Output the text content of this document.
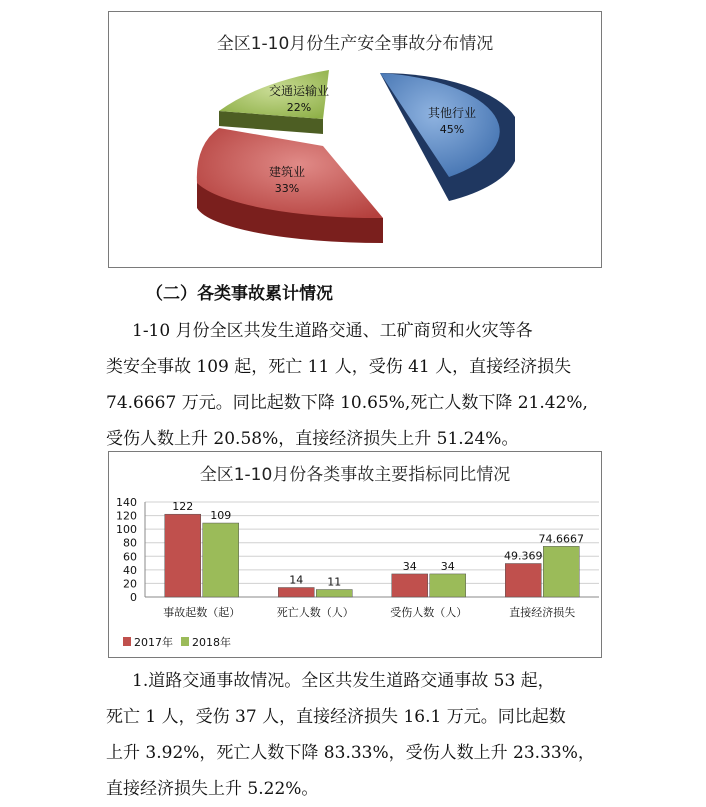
全区1-10月份生产安全事故分布情况
其他行业
45%
建筑业
33%
交通运输业
22%
（二）各类事故累计情况
1-10 月份全区共发生道路交通、工矿商贸和火灾等各
类安全事故 109 起，死亡 11 人，受伤 41 人，直接经济损失
74.6667 万元。同比起数下降 10.65%,死亡人数下降 21.42%,
受伤人数上升 20.58%，直接经济损失上升 51.24%。
全区1-10月份各类事故主要指标同比情况
0
20
40
60
80
100
120
140	122
109
事故起数（起）
14 11
死亡人数（人）
34 34
受伤人数（人）
49.369
74.6667
直接经济损失
2017年 2018年
1.道路交通事故情况。全区共发生道路交通事故 53 起，
死亡 1 人，受伤 37 人，直接经济损失 16.1 万元。同比起数
上升 3.92%，死亡人数下降 83.33%，受伤人数上升 23.33%，
直接经济损失上升 5.22%。
